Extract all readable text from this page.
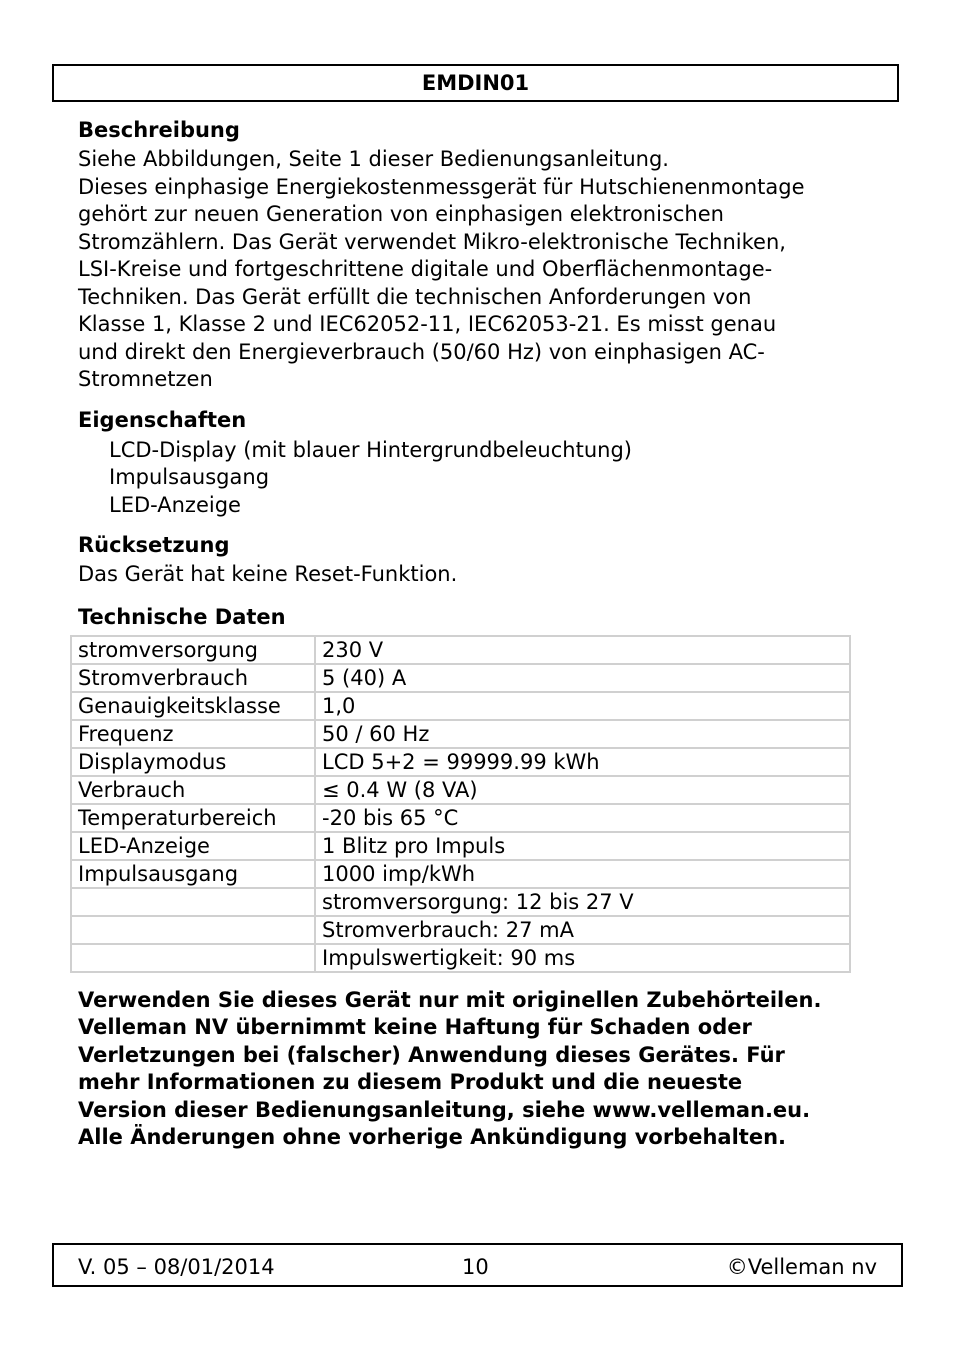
EMDIN01
Beschreibung

Siehe Abbildungen, Seite 1 dieser Bedienungsanleitung.

Dieses einphasige Energiekostenmessgerät für Hutschienenmontage

gehört zur neuen Generation von einphasigen elektronischen

Stromzählern. Das Gerät verwendet Mikro-elektronische Techniken,

LSI-Kreise und fortgeschrittene digitale und Oberflächenmontage-

Techniken. Das Gerät erfüllt die technischen Anforderungen von

Klasse 1, Klasse 2 und IEC62052-11, IEC62053-21. Es misst genau

und direkt den Energieverbrauch (50/60 Hz) von einphasigen AC-

Stromnetzen

Eigenschaften
LCD-Display (mit blauer Hintergrundbeleuchtung)
Impulsausgang
LED-Anzeige
Rücksetzung

Das Gerät hat keine Reset-Funktion.

Technische Daten
stromversorgung	230 V
Stromverbrauch	5 (40) A
Genauigkeitsklasse	1,0
Frequenz	50 / 60 Hz
Displaymodus	LCD 5+2 = 99999.99 kWh
Verbrauch	≤ 0.4 W (8 VA)
Temperaturbereich	-20 bis 65 °C
LED-Anzeige	1 Blitz pro Impuls
Impulsausgang	1000 imp/kWh
	stromversorgung: 12 bis 27 V
	Stromverbrauch: 27 mA
	Impulswertigkeit: 90 ms
Verwenden Sie dieses Gerät nur mit originellen Zubehörteilen.
Velleman NV übernimmt keine Haftung für Schaden oder
Verletzungen bei (falscher) Anwendung dieses Gerätes. Für
mehr Informationen zu diesem Produkt und die neueste
Version dieser Bedienungsanleitung, siehe www.velleman.eu.
Alle Änderungen ohne vorherige Ankündigung vorbehalten.
V. 05 – 08/01/2014	10	©Velleman nv
